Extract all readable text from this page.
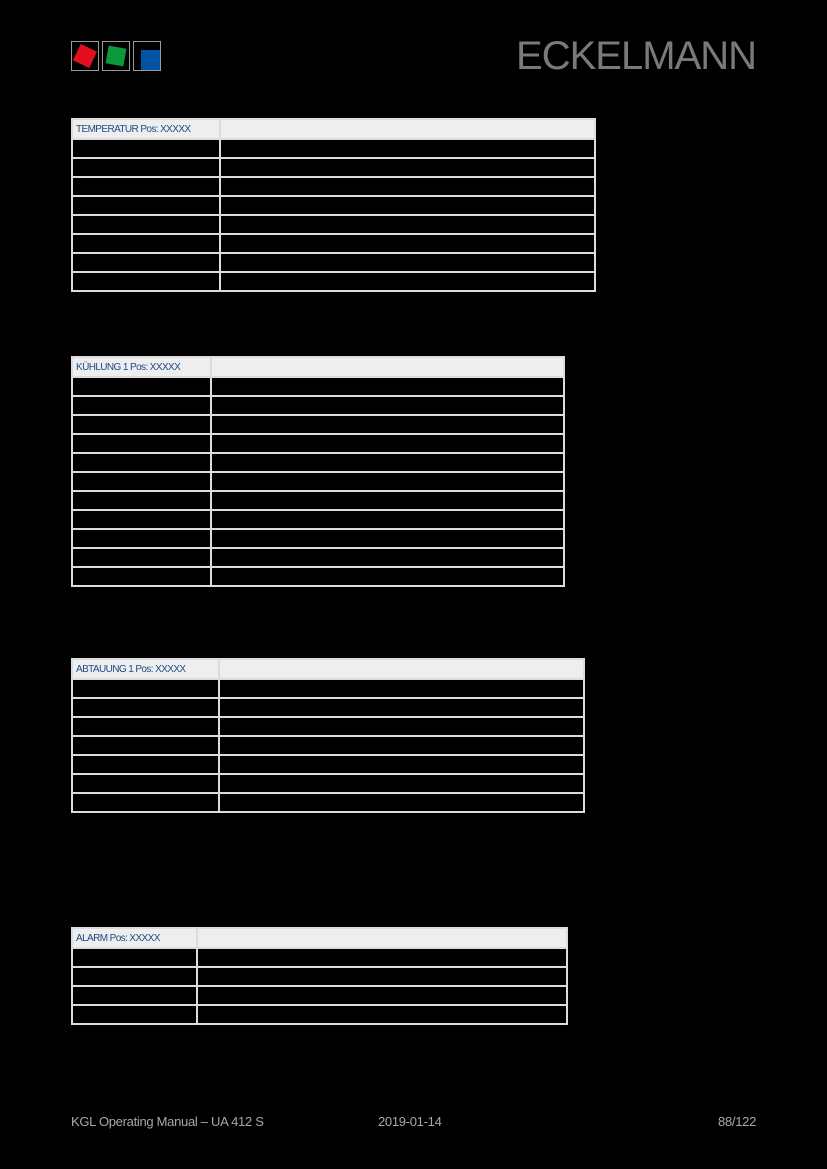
ECKELMANN
TEMPERATUR Pos: XXXXX	

KÜHLUNG 1 Pos: XXXXX	

ABTAUUNG 1 Pos: XXXXX	

ALARM Pos: XXXXX	

KGL Operating Manual – UA 412 S	2019-01-14	88/122
